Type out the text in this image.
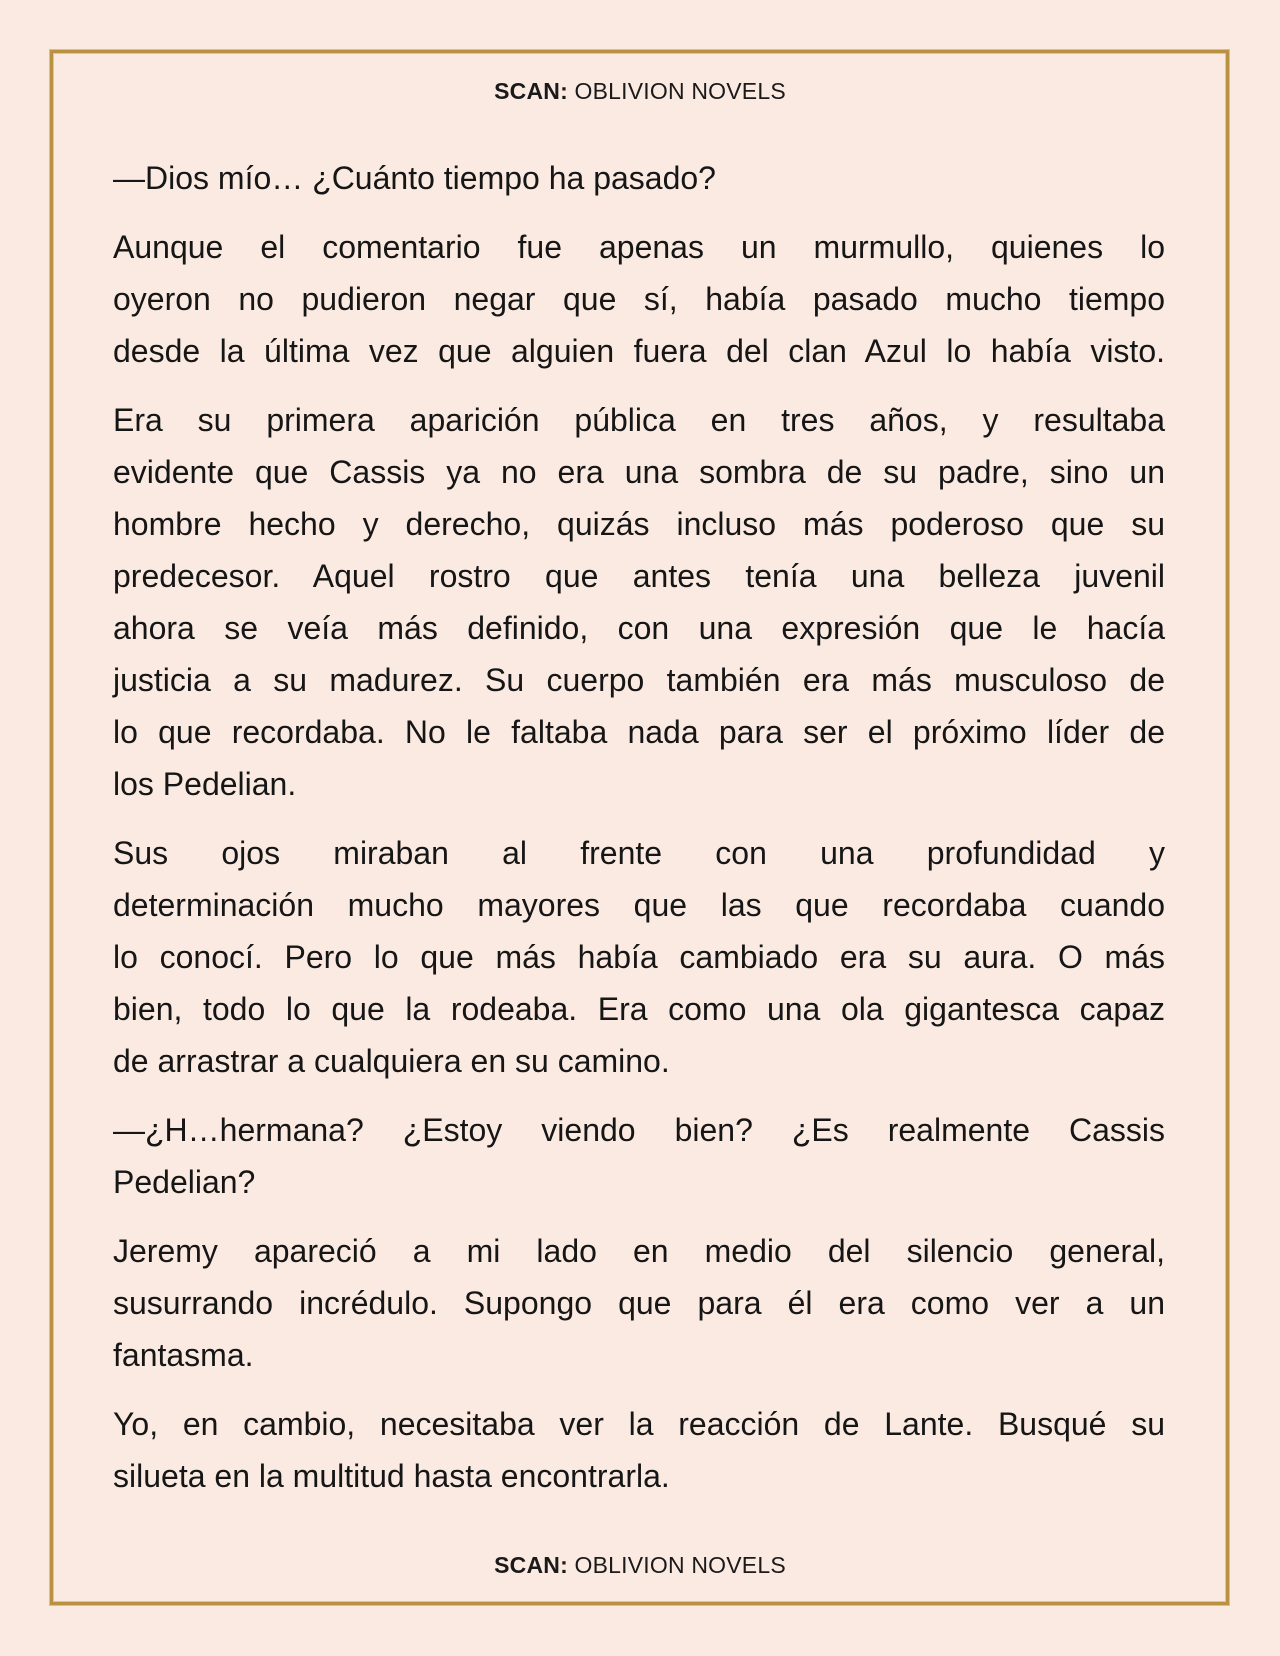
SCAN: OBLIVION NOVELS
—Dios mío… ¿Cuánto tiempo ha pasado?
Aunque el comentario fue apenas un murmullo, quienes lo
oyeron no pudieron negar que sí, había pasado mucho tiempo
desde la última vez que alguien fuera del clan Azul lo había visto.
Era su primera aparición pública en tres años, y resultaba
evidente que Cassis ya no era una sombra de su padre, sino un
hombre hecho y derecho, quizás incluso más poderoso que su
predecesor. Aquel rostro que antes tenía una belleza juvenil
ahora se veía más definido, con una expresión que le hacía
justicia a su madurez. Su cuerpo también era más musculoso de
lo que recordaba. No le faltaba nada para ser el próximo líder de
los Pedelian.
Sus ojos miraban al frente con una profundidad y
determinación mucho mayores que las que recordaba cuando
lo conocí. Pero lo que más había cambiado era su aura. O más
bien, todo lo que la rodeaba. Era como una ola gigantesca capaz
de arrastrar a cualquiera en su camino.
—¿H…hermana? ¿Estoy viendo bien? ¿Es realmente Cassis
Pedelian?
Jeremy apareció a mi lado en medio del silencio general,
susurrando incrédulo. Supongo que para él era como ver a un
fantasma.
Yo, en cambio, necesitaba ver la reacción de Lante. Busqué su
silueta en la multitud hasta encontrarla.
SCAN: OBLIVION NOVELS
